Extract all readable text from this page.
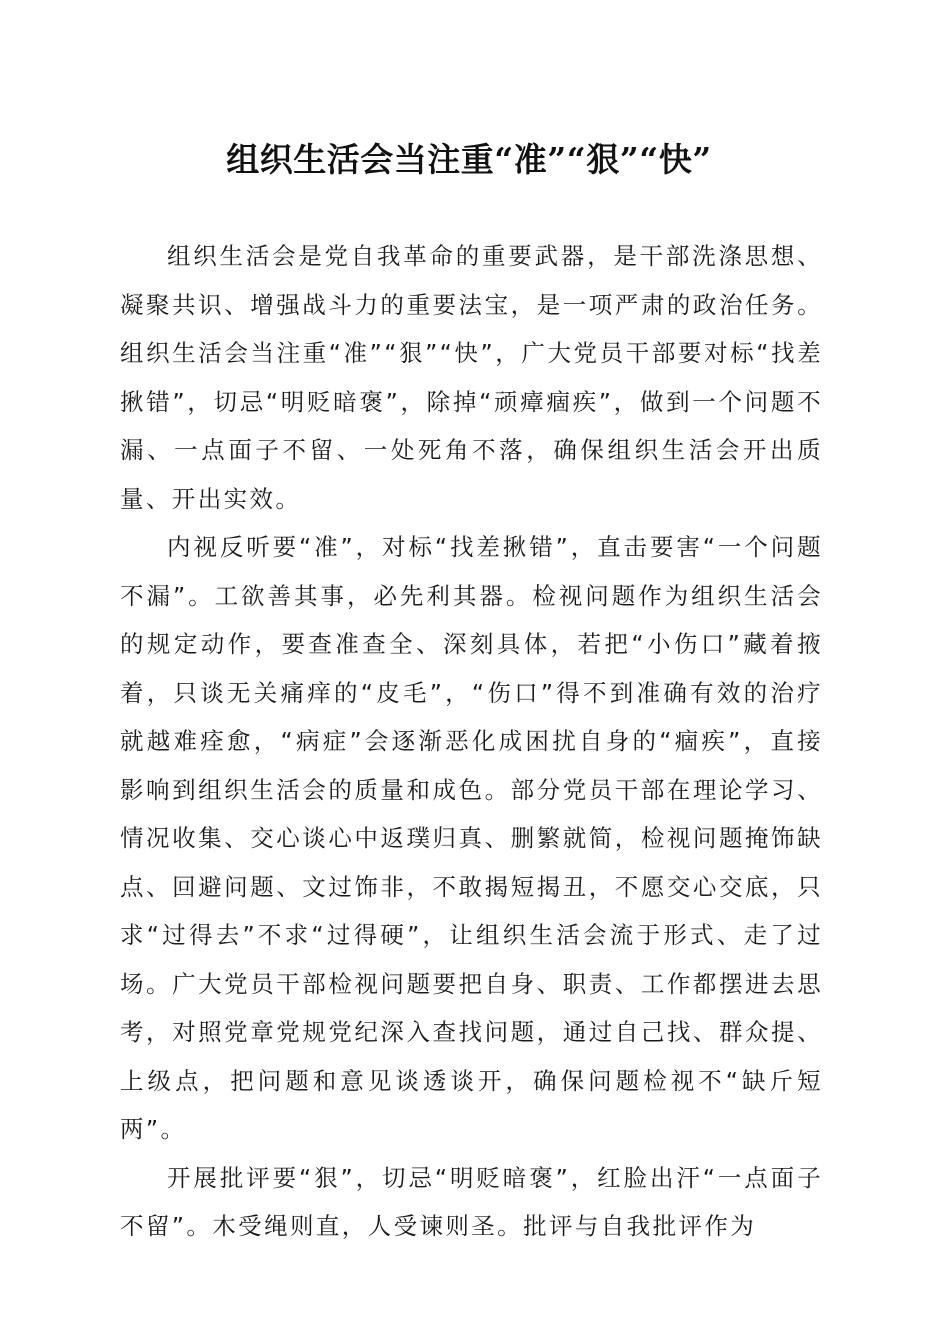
组织生活会当注重“准”“狠”“快”

组织生活会是党自我革命的重要武器，是干部洗涤思想、凝聚共识、增强战斗力的重要法宝，是一项严肃的政治任务。组织生活会当注重“准”“狠”“快”，广大党员干部要对标“找差揪错”，切忌“明贬暗褒”，除掉“顽瘴痼疾”，做到一个问题不漏、一点面子不留、一处死角不落，确保组织生活会开出质量、开出实效。

内视反听要“准”，对标“找差揪错”，直击要害“一个问题不漏”。工欲善其事，必先利其器。检视问题作为组织生活会的规定动作，要查准查全、深刻具体，若把“小伤口”藏着掖着，只谈无关痛痒的“皮毛”，“伤口”得不到准确有效的治疗就越难痊愈，“病症”会逐渐恶化成困扰自身的“痼疾”，直接影响到组织生活会的质量和成色。部分党员干部在理论学习、情况收集、交心谈心中返璞归真、删繁就简，检视问题掩饰缺点、回避问题、文过饰非，不敢揭短揭丑，不愿交心交底，只求“过得去”不求“过得硬”，让组织生活会流于形式、走了过场。广大党员干部检视问题要把自身、职责、工作都摆进去思考，对照党章党规党纪深入查找问题，通过自己找、群众提、上级点，把问题和意见谈透谈开，确保问题检视不“缺斤短两”。

开展批评要“狠”，切忌“明贬暗褒”，红脸出汗“一点面子不留”。木受绳则直，人受谏则圣。批评与自我批评作为
